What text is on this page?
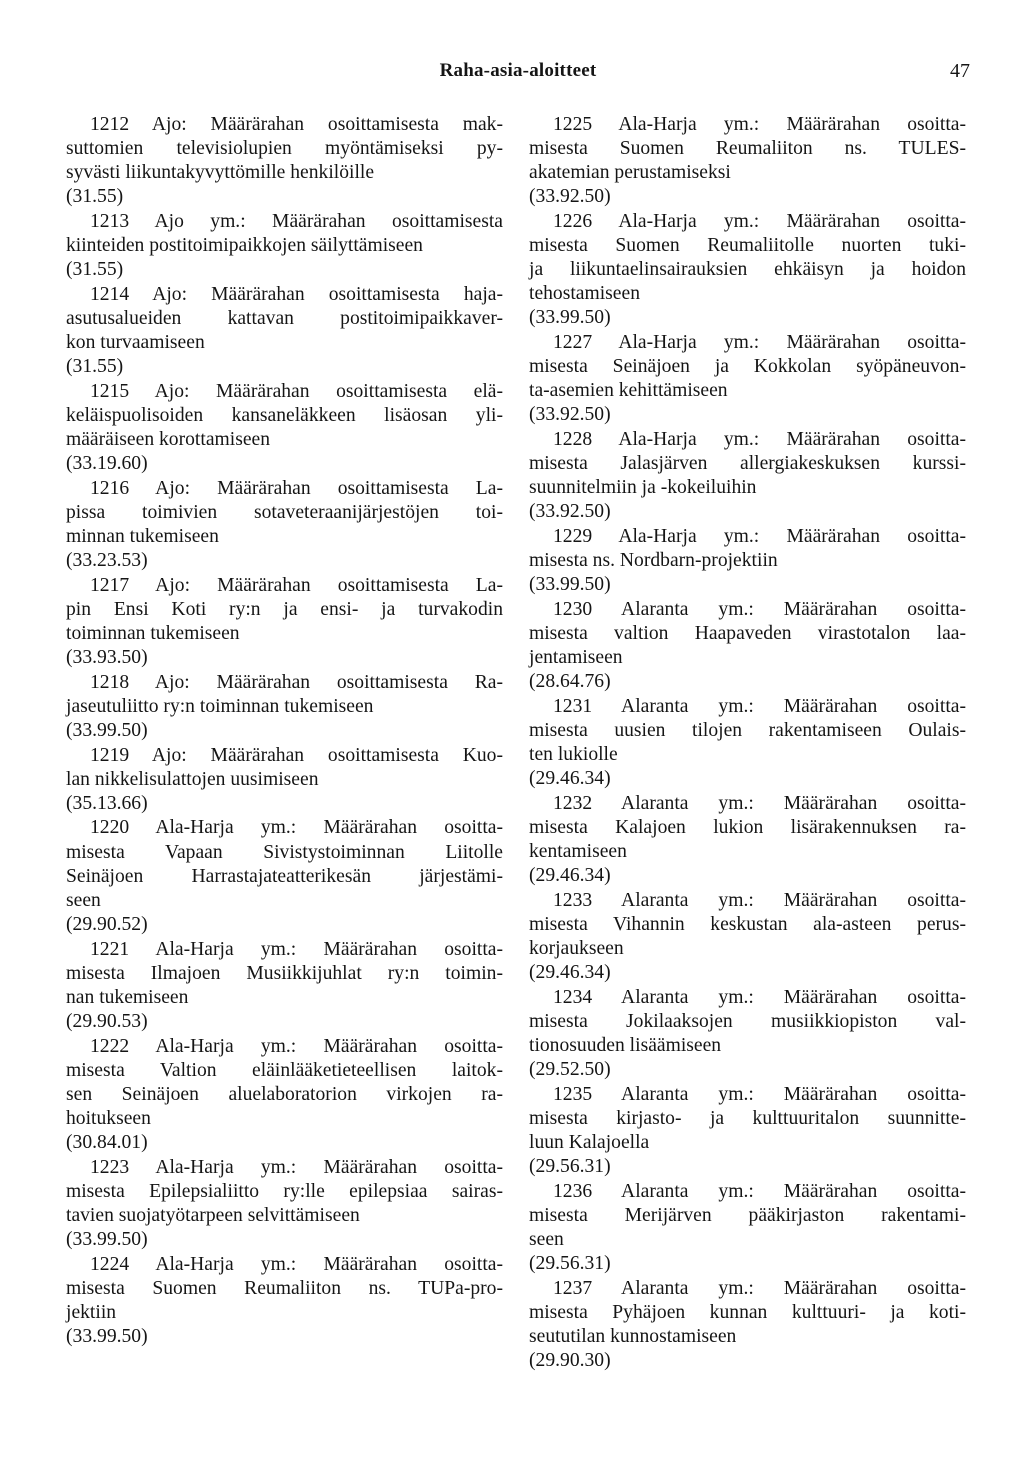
Raha-asia-aloitteet	47
1212 Ajo: Määrärahan osoittamisesta mak-
suttomien televisiolupien myöntämiseksi py-
syvästi liikuntakyvyttömille henkilöille
(31.55)
1213 Ajo ym.: Määrärahan osoittamisesta
kiinteiden postitoimipaikkojen säilyttämiseen
(31.55)
1214 Ajo: Määrärahan osoittamisesta haja-
asutusalueiden kattavan postitoimipaikkaver-
kon turvaamiseen
(31.55)
1215 Ajo: Määrärahan osoittamisesta elä-
keläispuolisoiden kansaneläkkeen lisäosan yli-
määräiseen korottamiseen
(33.19.60)
1216 Ajo: Määrärahan osoittamisesta La-
pissa toimivien sotaveteraanijärjestöjen toi-
minnan tukemiseen
(33.23.53)
1217 Ajo: Määrärahan osoittamisesta La-
pin Ensi Koti ry:n ja ensi- ja turvakodin
toiminnan tukemiseen
(33.93.50)
1218 Ajo: Määrärahan osoittamisesta Ra-
jaseutuliitto ry:n toiminnan tukemiseen
(33.99.50)
1219 Ajo: Määrärahan osoittamisesta Kuo-
lan nikkelisulattojen uusimiseen
(35.13.66)
1220 Ala-Harja ym.: Määrärahan osoitta-
misesta Vapaan Sivistystoiminnan Liitolle
Seinäjoen Harrastajateatterikesän järjestämi-
seen
(29.90.52)
1221 Ala-Harja ym.: Määrärahan osoitta-
misesta Ilmajoen Musiikkijuhlat ry:n toimin-
nan tukemiseen
(29.90.53)
1222 Ala-Harja ym.: Määrärahan osoitta-
misesta Valtion eläinlääketieteellisen laitok-
sen Seinäjoen aluelaboratorion virkojen ra-
hoitukseen
(30.84.01)
1223 Ala-Harja ym.: Määrärahan osoitta-
misesta Epilepsialiitto ry:lle epilepsiaa sairas-
tavien suojatyötarpeen selvittämiseen
(33.99.50)
1224 Ala-Harja ym.: Määrärahan osoitta-
misesta Suomen Reumaliiton ns. TUPa-pro-
jektiin
(33.99.50)
1225 Ala-Harja ym.: Määrärahan osoitta-
misesta Suomen Reumaliiton ns. TULES-
akatemian perustamiseksi
(33.92.50)
1226 Ala-Harja ym.: Määrärahan osoitta-
misesta Suomen Reumaliitolle nuorten tuki-
ja liikuntaelinsairauksien ehkäisyn ja hoidon
tehostamiseen
(33.99.50)
1227 Ala-Harja ym.: Määrärahan osoitta-
misesta Seinäjoen ja Kokkolan syöpäneuvon-
ta-asemien kehittämiseen
(33.92.50)
1228 Ala-Harja ym.: Määrärahan osoitta-
misesta Jalasjärven allergiakeskuksen kurssi-
suunnitelmiin ja -kokeiluihin
(33.92.50)
1229 Ala-Harja ym.: Määrärahan osoitta-
misesta ns. Nordbarn-projektiin
(33.99.50)
1230 Alaranta ym.: Määrärahan osoitta-
misesta valtion Haapaveden virastotalon laa-
jentamiseen
(28.64.76)
1231 Alaranta ym.: Määrärahan osoitta-
misesta uusien tilojen rakentamiseen Oulais-
ten lukiolle
(29.46.34)
1232 Alaranta ym.: Määrärahan osoitta-
misesta Kalajoen lukion lisärakennuksen ra-
kentamiseen
(29.46.34)
1233 Alaranta ym.: Määrärahan osoitta-
misesta Vihannin keskustan ala-asteen perus-
korjaukseen
(29.46.34)
1234 Alaranta ym.: Määrärahan osoitta-
misesta Jokilaaksojen musiikkiopiston val-
tionosuuden lisäämiseen
(29.52.50)
1235 Alaranta ym.: Määrärahan osoitta-
misesta kirjasto- ja kulttuuritalon suunnitte-
luun Kalajoella
(29.56.31)
1236 Alaranta ym.: Määrärahan osoitta-
misesta Merijärven pääkirjaston rakentami-
seen
(29.56.31)
1237 Alaranta ym.: Määrärahan osoitta-
misesta Pyhäjoen kunnan kulttuuri- ja koti-
seututilan kunnostamiseen
(29.90.30)
